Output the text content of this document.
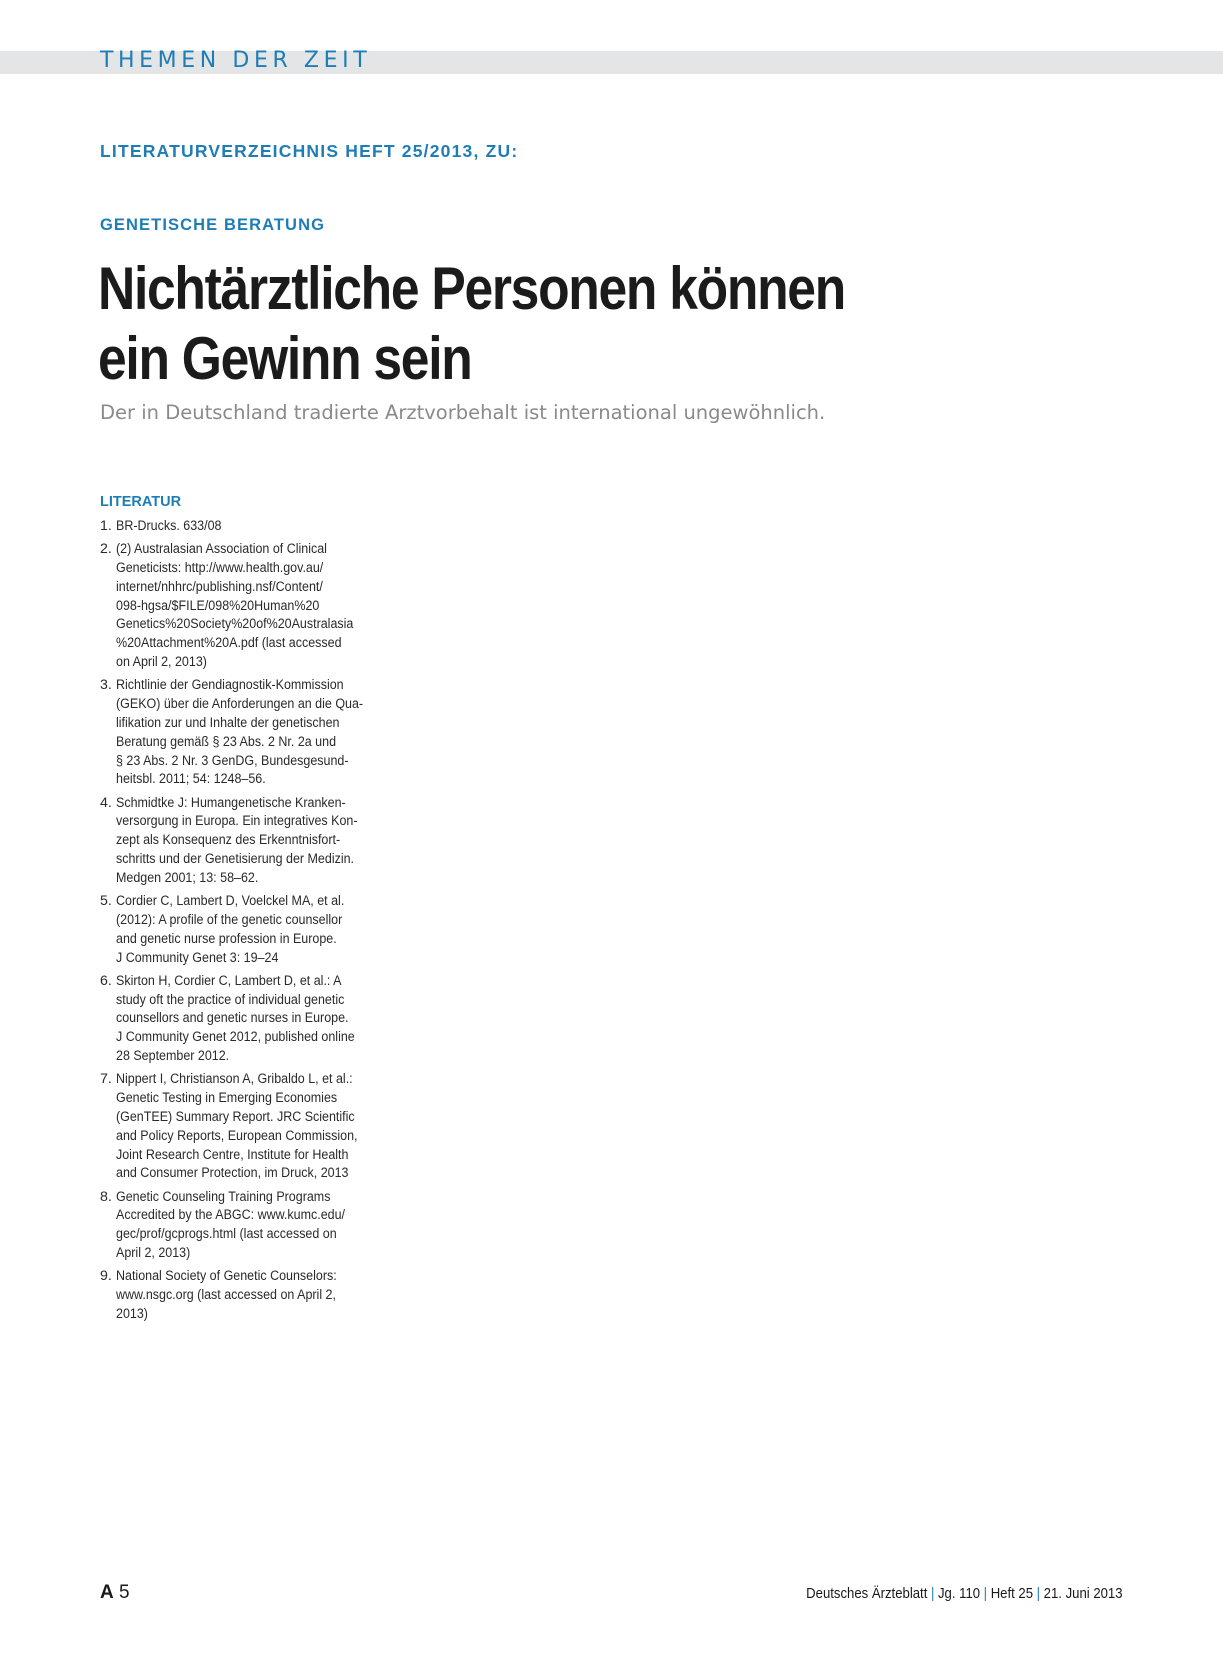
THEMEN DER ZEIT
LITERATURVERZEICHNIS HEFT 25/2013, ZU:
GENETISCHE BERATUNG
Nichtärztliche Personen können
ein Gewinn sein
Der in Deutschland tradierte Arztvorbehalt ist international ungewöhnlich.
LITERATUR
1. BR-Drucks. 633/08
2. (2) Australasian Association of Clinical
Geneticists: http://www.health.gov.au/
internet/nhhrc/publishing.nsf/Content/
098-hgsa/$FILE/098%20Human%20
Genetics%20Society%20of%20Australasia
%20Attachment%20A.pdf (last accessed
on April 2, 2013)
3. Richtlinie der Gendiagnostik-Kommission
(GEKO) über die Anforderungen an die Qua-
lifikation zur und Inhalte der genetischen
Beratung gemäß § 23 Abs. 2 Nr. 2a und
§ 23 Abs. 2 Nr. 3 GenDG, Bundesgesund-
heitsbl. 2011; 54: 1248–56.
4. Schmidtke J: Humangenetische Kranken-
versorgung in Europa. Ein integratives Kon-
zept als Konsequenz des Erkenntnisfort-
schritts und der Genetisierung der Medizin.
Medgen 2001; 13: 58–62.
5. Cordier C, Lambert D, Voelckel MA, et al.
(2012): A profile of the genetic counsellor
and genetic nurse profession in Europe.
J Community Genet 3: 19–24
6. Skirton H, Cordier C, Lambert D, et al.: A
study oft the practice of individual genetic
counsellors and genetic nurses in Europe.
J Community Genet 2012, published online
28 September 2012.
7. Nippert I, Christianson A, Gribaldo L, et al.:
Genetic Testing in Emerging Economies
(GenTEE) Summary Report. JRC Scientific
and Policy Reports, European Commission,
Joint Research Centre, Institute for Health
and Consumer Protection, im Druck, 2013
8. Genetic Counseling Training Programs
Accredited by the ABGC: www.kumc.edu/
gec/prof/gcprogs.html (last accessed on
April 2, 2013)
9. National Society of Genetic Counselors:
www.nsgc.org (last accessed on April 2,
2013)
A 5	Deutsches Ärzteblatt | Jg. 110 | Heft 25 | 21. Juni 2013
